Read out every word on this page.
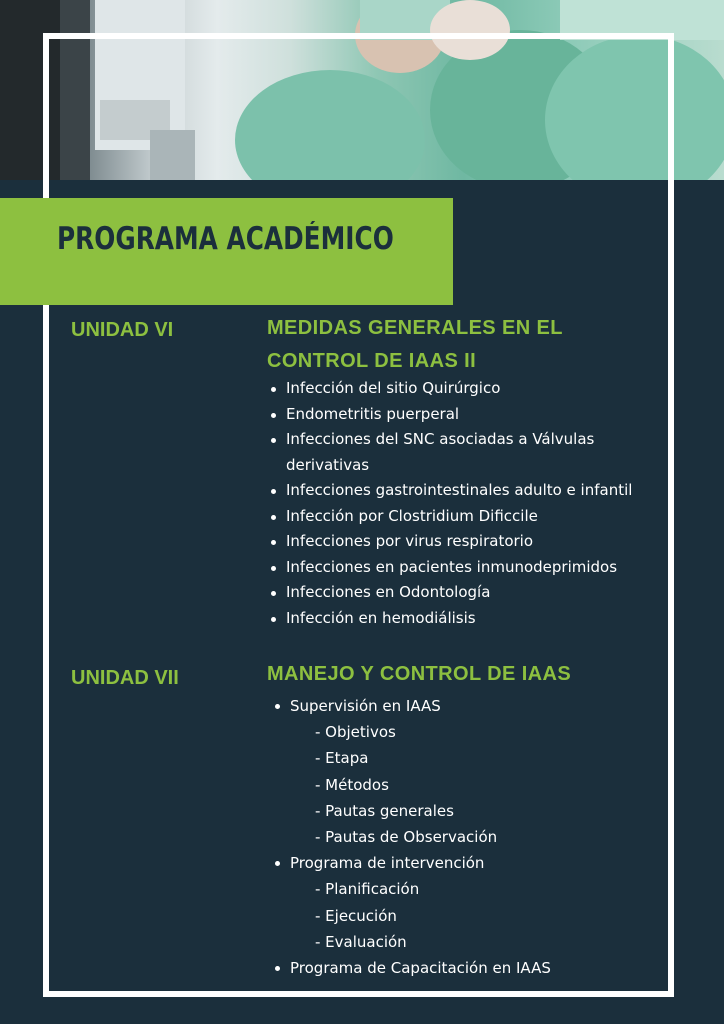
PROGRAMA ACADÉMICO
UNIDAD VI	MEDIDAS GENERALES EN EL CONTROL DE IAAS II
Infección del sitio Quirúrgico
Endometritis puerperal
Infecciones del SNC asociadas a Válvulas derivativas
Infecciones gastrointestinales adulto e infantil
Infección por Clostridium Dificcile
Infecciones por virus respiratorio
Infecciones en pacientes inmunodeprimidos
Infecciones en Odontología
Infección en hemodiálisis
UNIDAD VII	MANEJO Y CONTROL DE IAAS
Supervisión en IAAS
- Objetivos
- Etapa
- Métodos
- Pautas generales
- Pautas de Observación
Programa de intervención
- Planificación
- Ejecución
- Evaluación
Programa de Capacitación en IAAS
